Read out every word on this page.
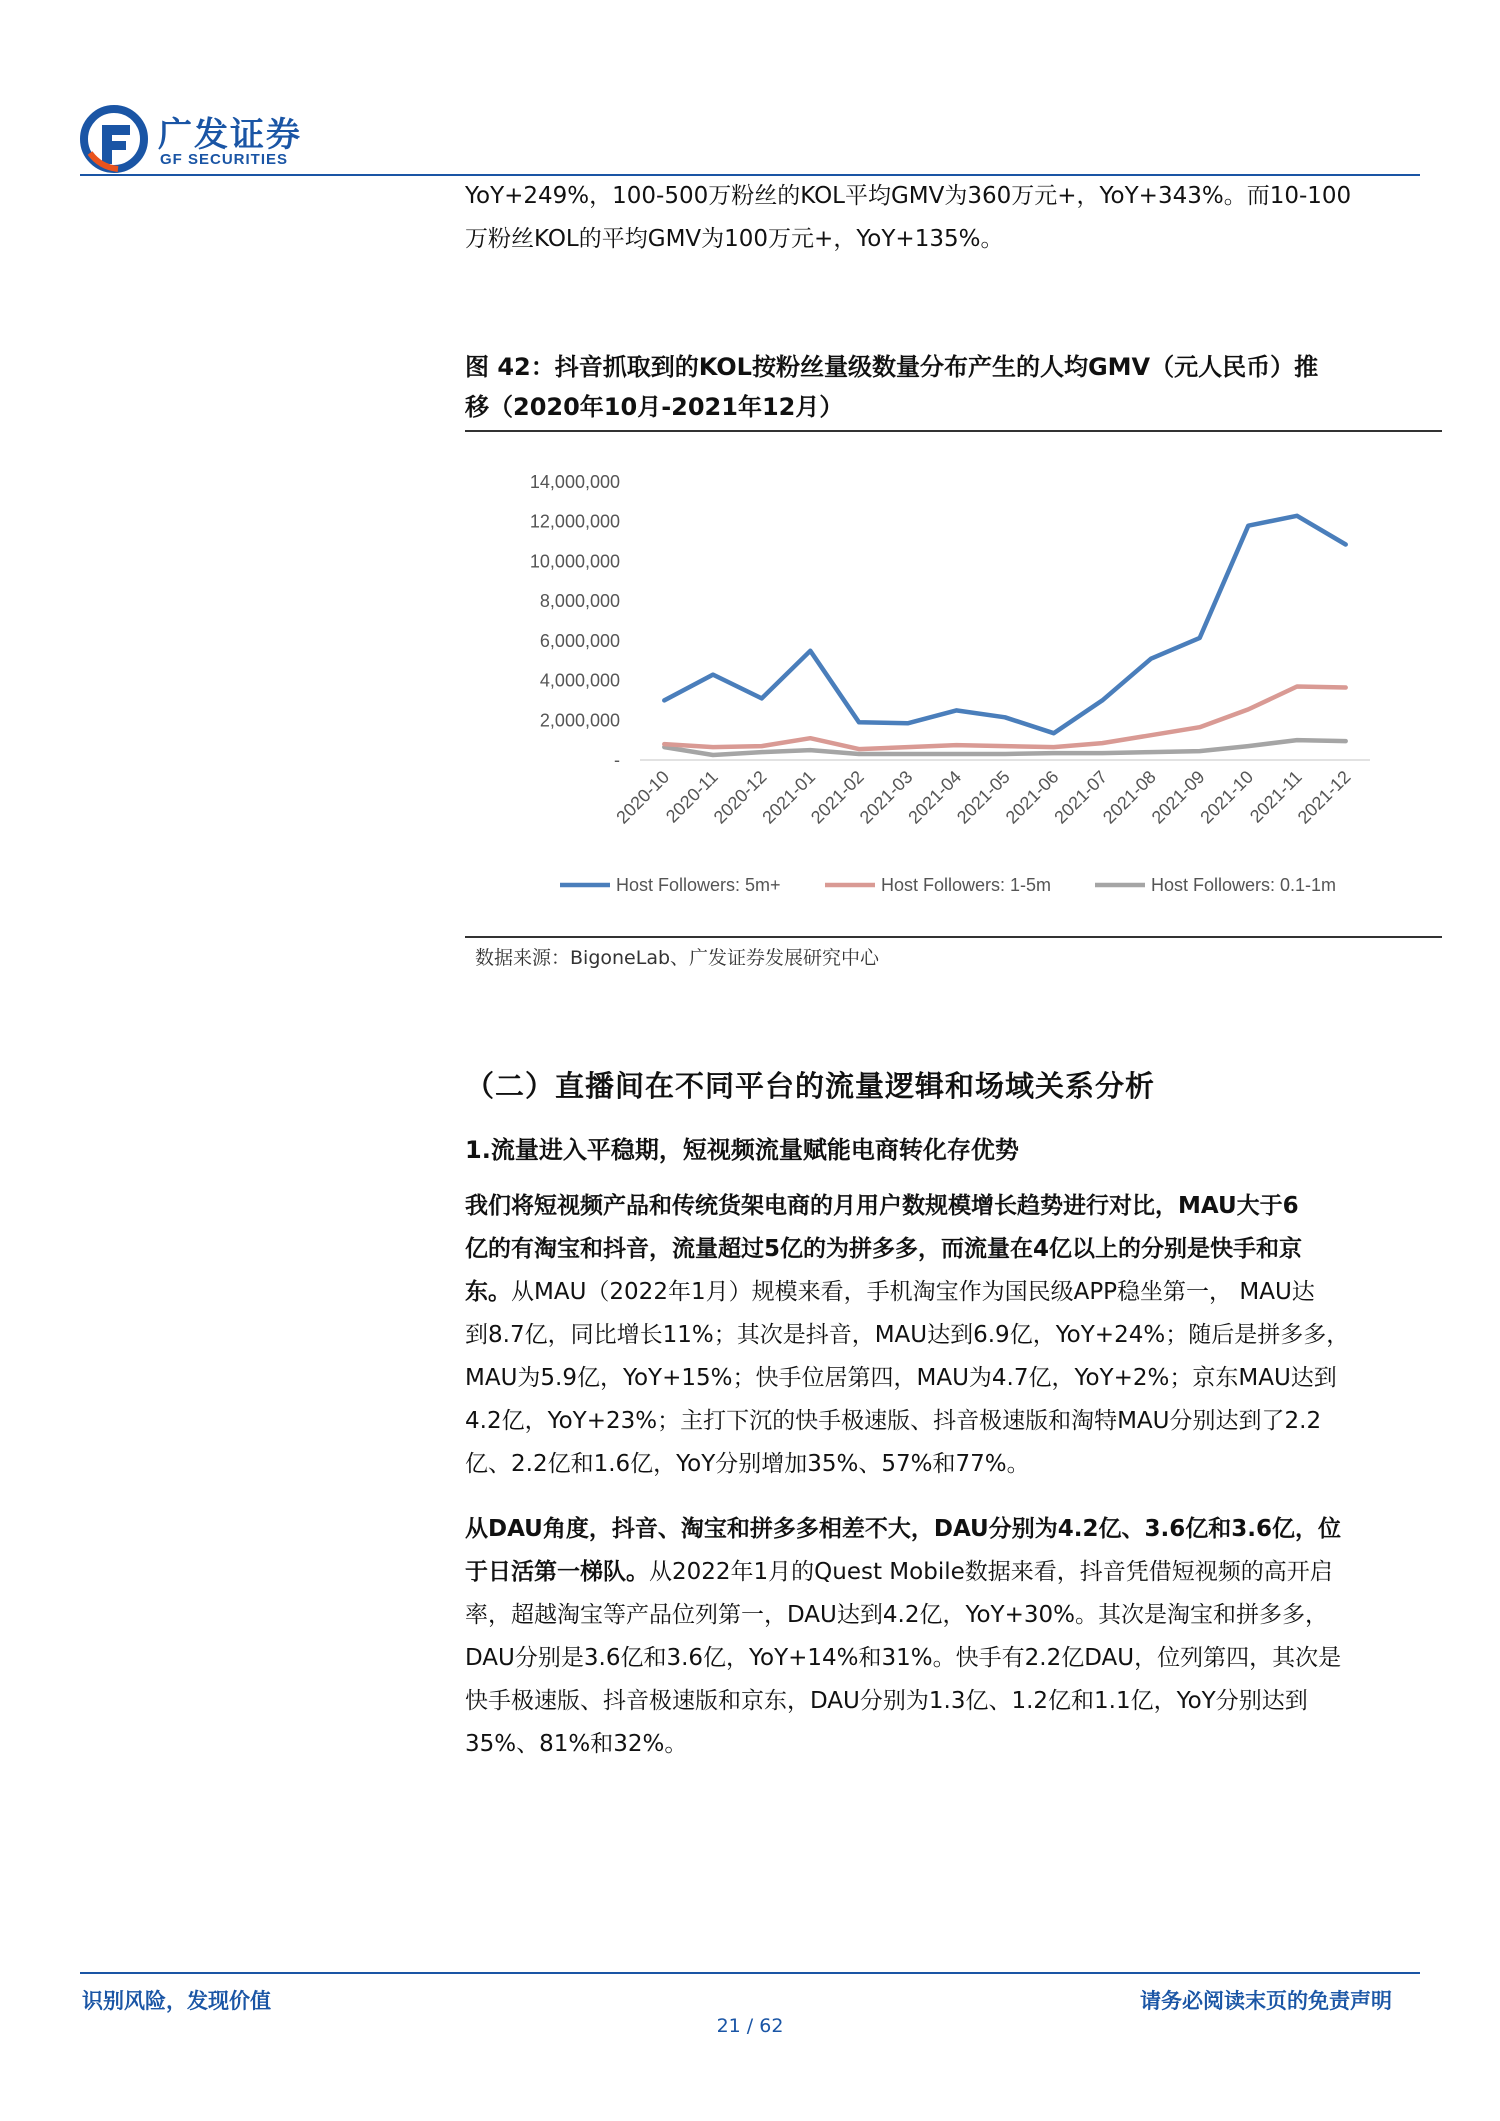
广发证券
GF SECURITIES
YoY+249%，100-500万粉丝的KOL平均GMV为360万元+，YoY+343%。而10-100
万粉丝KOL的平均GMV为100万元+，YoY+135%。
图 42：抖音抓取到的KOL按粉丝量级数量分布产生的人均GMV（元人民币）推
移（2020年10月-2021年12月）
-
2,000,000
4,000,000
6,000,000
8,000,000
10,000,000
12,000,000
14,000,000
2020-10
2020-11
2020-12
2021-01
2021-02
2021-03
2021-04
2021-05
2021-06
2021-07
2021-08
2021-09
2021-10
2021-11
2021-12
Host Followers: 5m+	Host Followers: 1-5m	Host Followers: 0.1-1m
数据来源：BigoneLab、广发证券发展研究中心
（二）直播间在不同平台的流量逻辑和场域关系分析
1.流量进入平稳期，短视频流量赋能电商转化存优势
我们将短视频产品和传统货架电商的月用户数规模增长趋势进行对比，MAU大于6
亿的有淘宝和抖音，流量超过5亿的为拼多多，而流量在4亿以上的分别是快手和京
东。从MAU（2022年1月）规模来看，手机淘宝作为国民级APP稳坐第一， MAU达
到8.7亿，同比增长11%；其次是抖音，MAU达到6.9亿，YoY+24%；随后是拼多多，
MAU为5.9亿，YoY+15%；快手位居第四，MAU为4.7亿，YoY+2%；京东MAU达到
4.2亿，YoY+23%；主打下沉的快手极速版、抖音极速版和淘特MAU分别达到了2.2
亿、2.2亿和1.6亿，YoY分别增加35%、57%和77%。
从DAU角度，抖音、淘宝和拼多多相差不大，DAU分别为4.2亿、3.6亿和3.6亿，位
于日活第一梯队。从2022年1月的Quest Mobile数据来看，抖音凭借短视频的高开启
率，超越淘宝等产品位列第一，DAU达到4.2亿，YoY+30%。其次是淘宝和拼多多，
DAU分别是3.6亿和3.6亿，YoY+14%和31%。快手有2.2亿DAU，位列第四，其次是
快手极速版、抖音极速版和京东，DAU分别为1.3亿、1.2亿和1.1亿，YoY分别达到
35%、81%和32%。
识别风险，发现价值	请务必阅读末页的免责声明
21 / 62
